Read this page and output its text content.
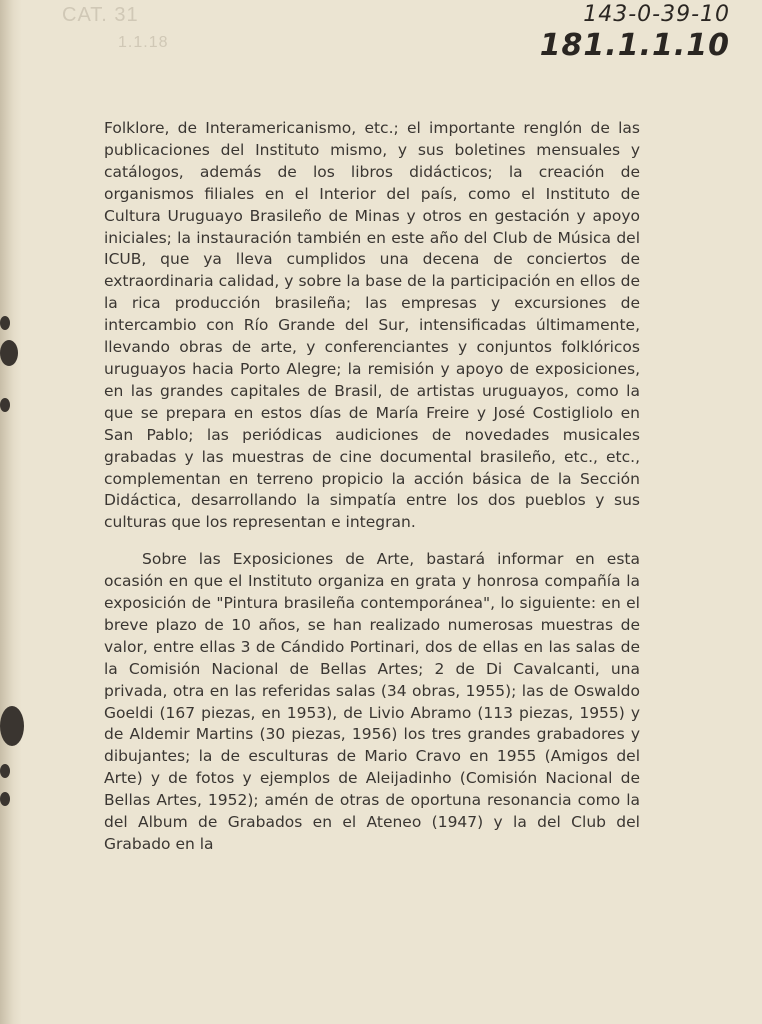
CAT. 31
1.1.18
143-0-39-10
181.1.1.10

Folklore, de Interamericanismo, etc.; el importante renglón de las publicaciones del Instituto mismo, y sus boletines mensuales y catálogos, además de los libros didácticos; la creación de organismos filiales en el Interior del país, como el Instituto de Cultura Uruguayo Brasileño de Minas y otros en gestación y apoyo iniciales; la instauración también en este año del Club de Música del ICUB, que ya lleva cumplidos una decena de conciertos de extraordinaria calidad, y sobre la base de la participación en ellos de la rica producción brasileña; las empresas y excursiones de intercambio con Río Grande del Sur, intensificadas últimamente, llevando obras de arte, y conferenciantes y conjuntos folklóricos uruguayos hacia Porto Alegre; la remisión y apoyo de exposiciones, en las grandes capitales de Brasil, de artistas uruguayos, como la que se prepara en estos días de María Freire y José Costigliolo en San Pablo; las periódicas audiciones de novedades musicales grabadas y las muestras de cine documental brasileño, etc., etc., complementan en terreno propicio la acción básica de la Sección Didáctica, desarrollando la simpatía entre los dos pueblos y sus culturas que los representan e integran.

Sobre las Exposiciones de Arte, bastará informar en esta ocasión en que el Instituto organiza en grata y honrosa compañía la exposición de "Pintura brasileña contemporánea", lo siguiente: en el breve plazo de 10 años, se han realizado numerosas muestras de valor, entre ellas 3 de Cándido Portinari, dos de ellas en las salas de la Comisión Nacional de Bellas Artes; 2 de Di Cavalcanti, una privada, otra en las referidas salas (34 obras, 1955); las de Oswaldo Goeldi (167 piezas, en 1953), de Livio Abramo (113 piezas, 1955) y de Aldemir Martins (30 piezas, 1956) los tres grandes grabadores y dibujantes; la de esculturas de Mario Cravo en 1955 (Amigos del Arte) y de fotos y ejemplos de Aleijadinho (Comisión Nacional de Bellas Artes, 1952); amén de otras de oportuna resonancia como la del Album de Grabados en el Ateneo (1947) y la del Club del Grabado en la
